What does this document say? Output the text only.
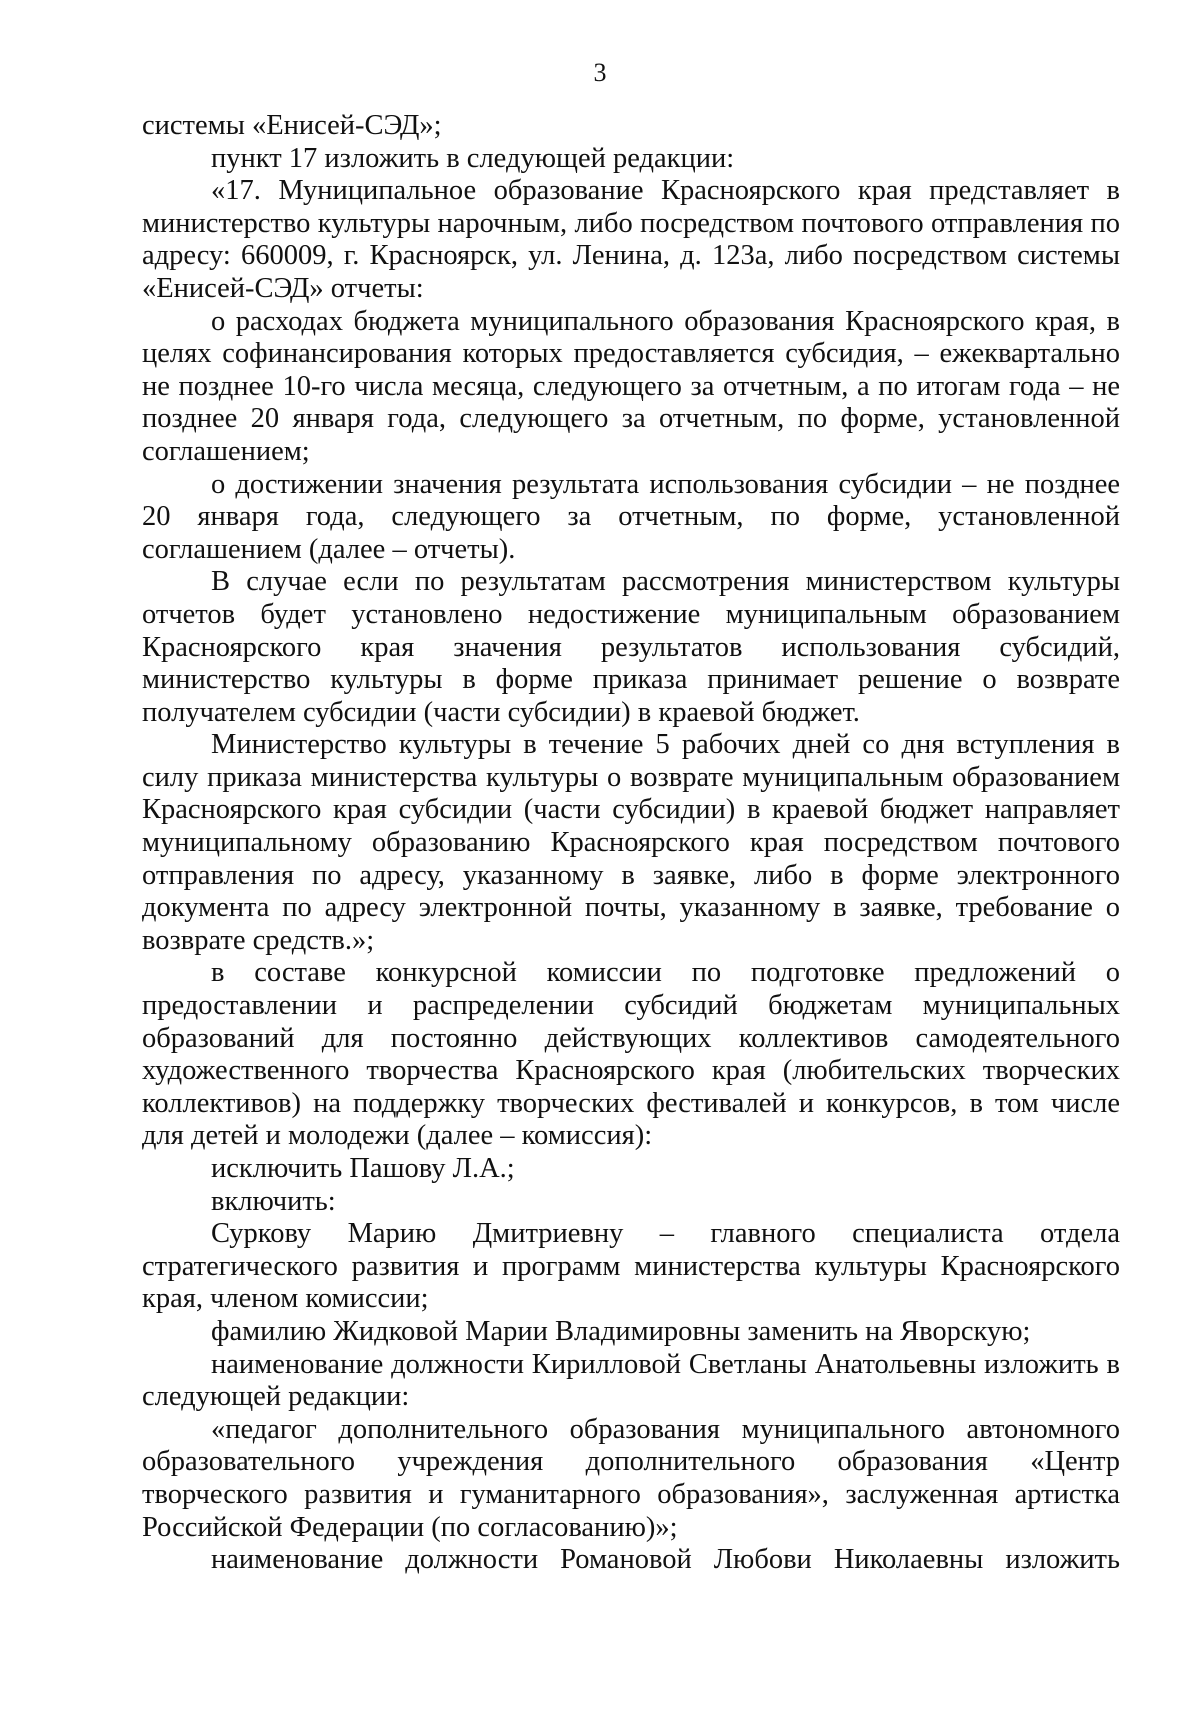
3

системы «Енисей-СЭД»;

пункт 17 изложить в следующей редакции:

«17. Муниципальное образование Красноярского края представляет в министерство культуры нарочным, либо посредством почтового отправления по адресу: 660009, г. Красноярск, ул. Ленина, д. 123а, либо посредством системы «Енисей-СЭД» отчеты:

о расходах бюджета муниципального образования Красноярского края, в целях софинансирования которых предоставляется субсидия, – ежеквартально не позднее 10-го числа месяца, следующего за отчетным, а по итогам года – не позднее 20 января года, следующего за отчетным, по форме, установленной соглашением;

о достижении значения результата использования субсидии – не позднее 20 января года, следующего за отчетным, по форме, установленной соглашением (далее – отчеты).

В случае если по результатам рассмотрения министерством культуры отчетов будет установлено недостижение муниципальным образованием Красноярского края значения результатов использования субсидий, министерство культуры в форме приказа принимает решение о возврате получателем субсидии (части субсидии) в краевой бюджет.

Министерство культуры в течение 5 рабочих дней со дня вступления в силу приказа министерства культуры о возврате муниципальным образованием Красноярского края субсидии (части субсидии) в краевой бюджет направляет муниципальному образованию Красноярского края посредством почтового отправления по адресу, указанному в заявке, либо в форме электронного документа по адресу электронной почты, указанному в заявке, требование о возврате средств.»;

в составе конкурсной комиссии по подготовке предложений о предоставлении и распределении субсидий бюджетам муниципальных образований для постоянно действующих коллективов самодеятельного художественного творчества Красноярского края (любительских творческих коллективов) на поддержку творческих фестивалей и конкурсов, в том числе для детей и молодежи (далее – комиссия):

исключить Пашову Л.А.;

включить:

Суркову Марию Дмитриевну – главного специалиста отдела стратегического развития и программ министерства культуры Красноярского края, членом комиссии;

фамилию Жидковой Марии Владимировны заменить на Яворскую;

наименование должности Кирилловой Светланы Анатольевны изложить в следующей редакции:

«педагог дополнительного образования муниципального автономного образовательного учреждения дополнительного образования «Центр творческого развития и гуманитарного образования», заслуженная артистка Российской Федерации (по согласованию)»;

наименование должности Романовой Любови Николаевны изложить
